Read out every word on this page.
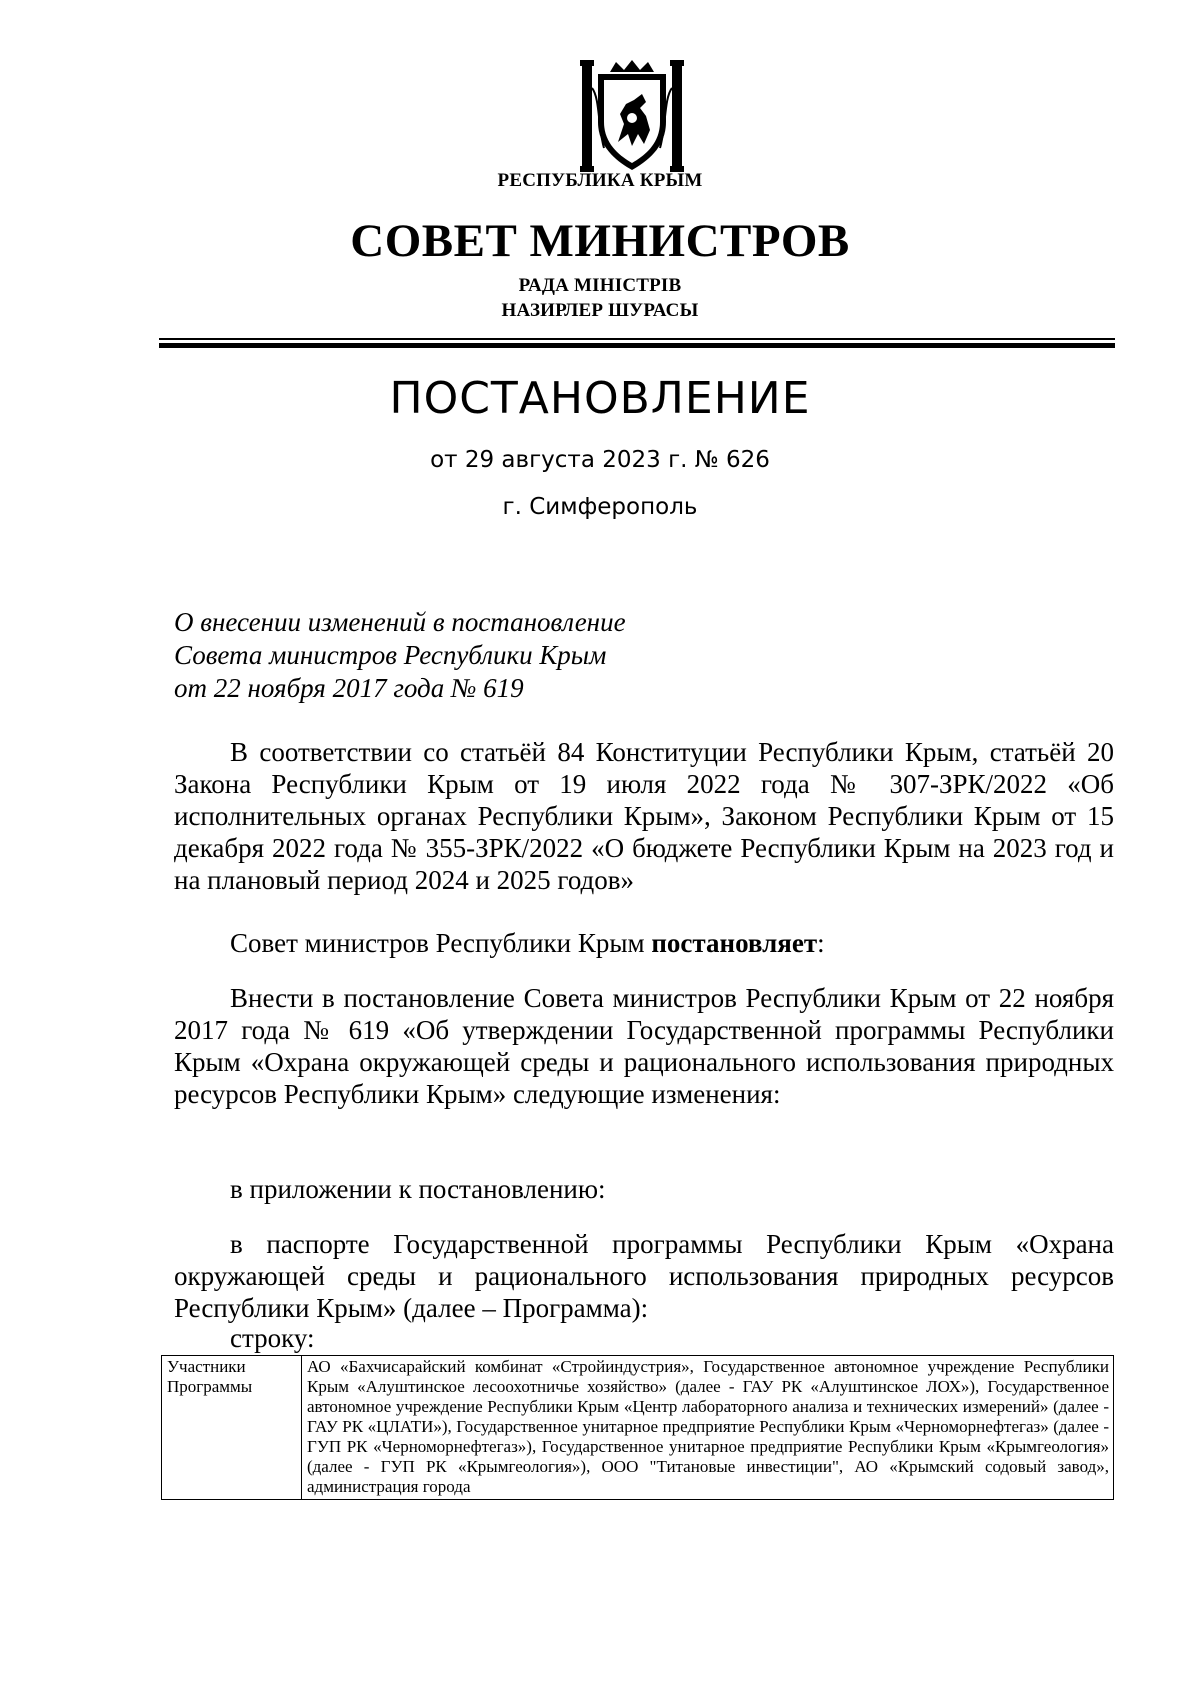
РЕСПУБЛИКА КРЫМ
СОВЕТ МИНИСТРОВ
РАДА МІНІСТРІВ
НАЗИРЛЕР ШУРАСЫ
ПОСТАНОВЛЕНИЕ
от 29 августа 2023 г. № 626
г. Симферополь
О внесении изменений в постановление
Совета министров Республики Крым
от 22 ноября 2017 года № 619
В соответствии со статьёй 84 Конституции Республики Крым, статьёй 20 Закона Республики Крым от 19 июля 2022 года № 307-ЗРК/2022 «Об исполнительных органах Республики Крым», Законом Республики Крым от 15 декабря 2022 года № 355-ЗРК/2022 «О бюджете Республики Крым на 2023 год и на плановый период 2024 и 2025 годов»
Совет министров Республики Крым постановляет:
Внести в постановление Совета министров Республики Крым от 22 ноября 2017 года № 619 «Об утверждении Государственной программы Республики Крым «Охрана окружающей среды и рационального использования природных ресурсов Республики Крым» следующие изменения:
в приложении к постановлению:
в паспорте Государственной программы Республики Крым «Охрана окружающей среды и рационального использования природных ресурсов Республики Крым» (далее – Программа):
строку:
Участники Программы	АО «Бахчисарайский комбинат «Стройиндустрия», Государственное автономное учреждение Республики Крым «Алуштинское лесоохотничье хозяйство» (далее - ГАУ РК «Алуштинское ЛОХ»), Государственное автономное учреждение Республики Крым «Центр лабораторного анализа и технических измерений» (далее - ГАУ РК «ЦЛАТИ»), Государственное унитарное предприятие Республики Крым «Черноморнефтегаз» (далее - ГУП РК «Черноморнефтегаз»), Государственное унитарное предприятие Республики Крым «Крымгеология» (далее - ГУП РК «Крымгеология»), ООО "Титановые инвестиции", АО «Крымский содовый завод», администрация города
